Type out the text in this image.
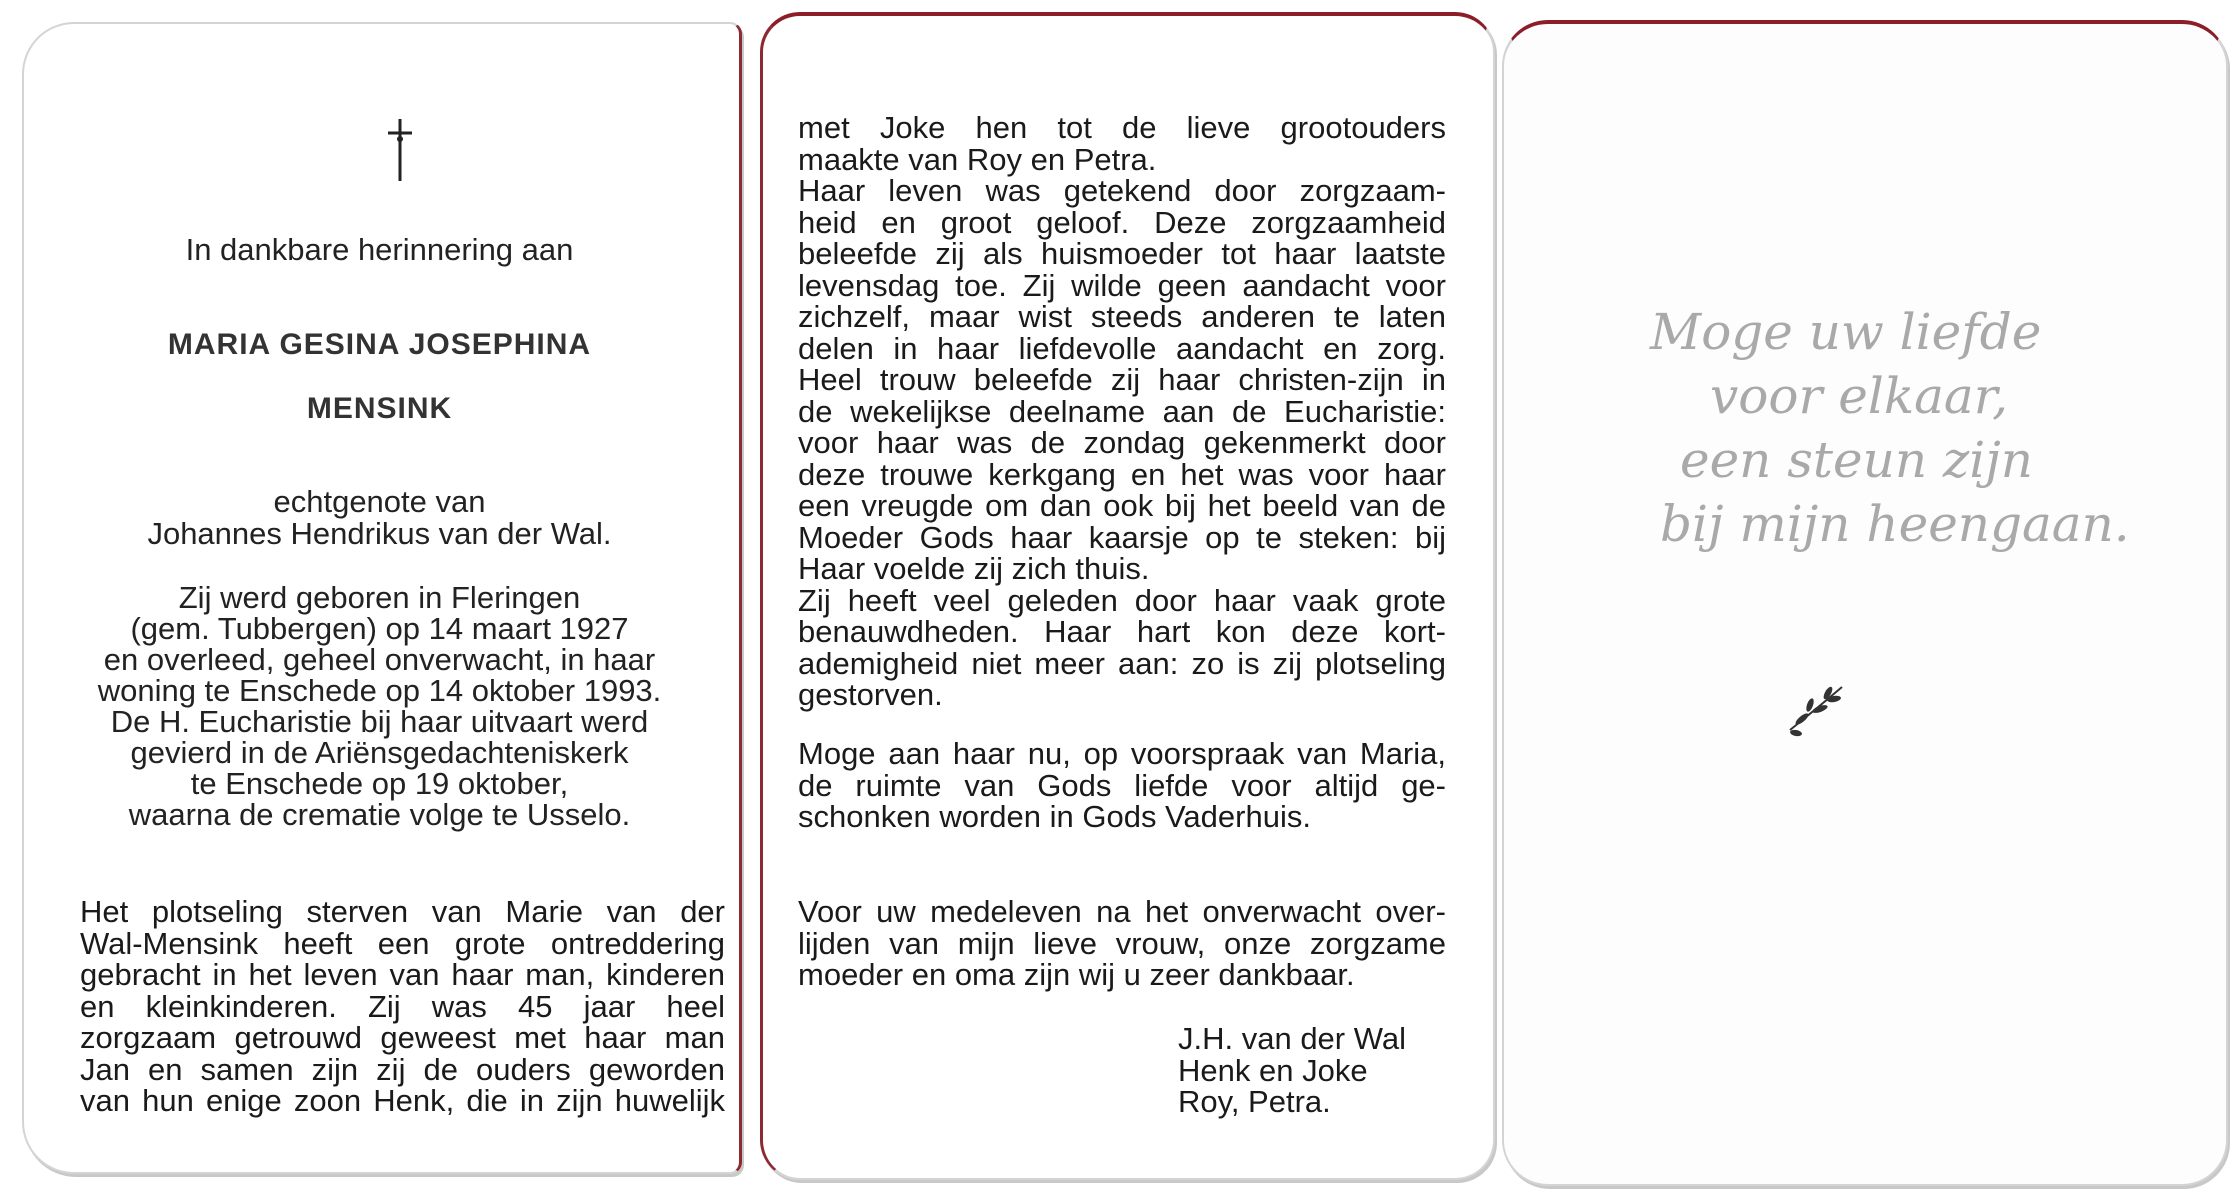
In dankbare herinnering aan
MARIA GESINA JOSEPHINA
MENSINK
echtgenote van
Johannes Hendrikus van der Wal.
Zij werd geboren in Fleringen
(gem. Tubbergen) op 14 maart 1927
en overleed, geheel onverwacht, in haar
woning te Enschede op 14 oktober 1993.
De H. Eucharistie bij haar uitvaart werd
gevierd in de Ariënsgedachteniskerk
te Enschede op 19 oktober,
waarna de crematie volge te Usselo.
Het plotseling sterven van Marie van der
Wal-Mensink heeft een grote ontreddering
gebracht in het leven van haar man, kinderen
en kleinkinderen. Zij was 45 jaar heel
zorgzaam getrouwd geweest met haar man
Jan en samen zijn zij de ouders geworden
van hun enige zoon Henk, die in zijn huwelijk
met Joke hen tot de lieve grootouders
maakte van Roy en Petra.
Haar leven was getekend door zorgzaam-
heid en groot geloof. Deze zorgzaamheid
beleefde zij als huismoeder tot haar laatste
levensdag toe. Zij wilde geen aandacht voor
zichzelf, maar wist steeds anderen te laten
delen in haar liefdevolle aandacht en zorg.
Heel trouw beleefde zij haar christen-zijn in
de wekelijkse deelname aan de Eucharistie:
voor haar was de zondag gekenmerkt door
deze trouwe kerkgang en het was voor haar
een vreugde om dan ook bij het beeld van de
Moeder Gods haar kaarsje op te steken: bij
Haar voelde zij zich thuis.
Zij heeft veel geleden door haar vaak grote
benauwdheden. Haar hart kon deze kort-
ademigheid niet meer aan: zo is zij plotseling
gestorven.
Moge aan haar nu, op voorspraak van Maria,
de ruimte van Gods liefde voor altijd ge-
schonken worden in Gods Vaderhuis.
Voor uw medeleven na het onverwacht over-
lijden van mijn lieve vrouw, onze zorgzame
moeder en oma zijn wij u zeer dankbaar.
J.H. van der Wal
Henk en Joke
Roy, Petra.
Moge uw liefde
voor elkaar,
een steun zijn
bij mijn heengaan.
